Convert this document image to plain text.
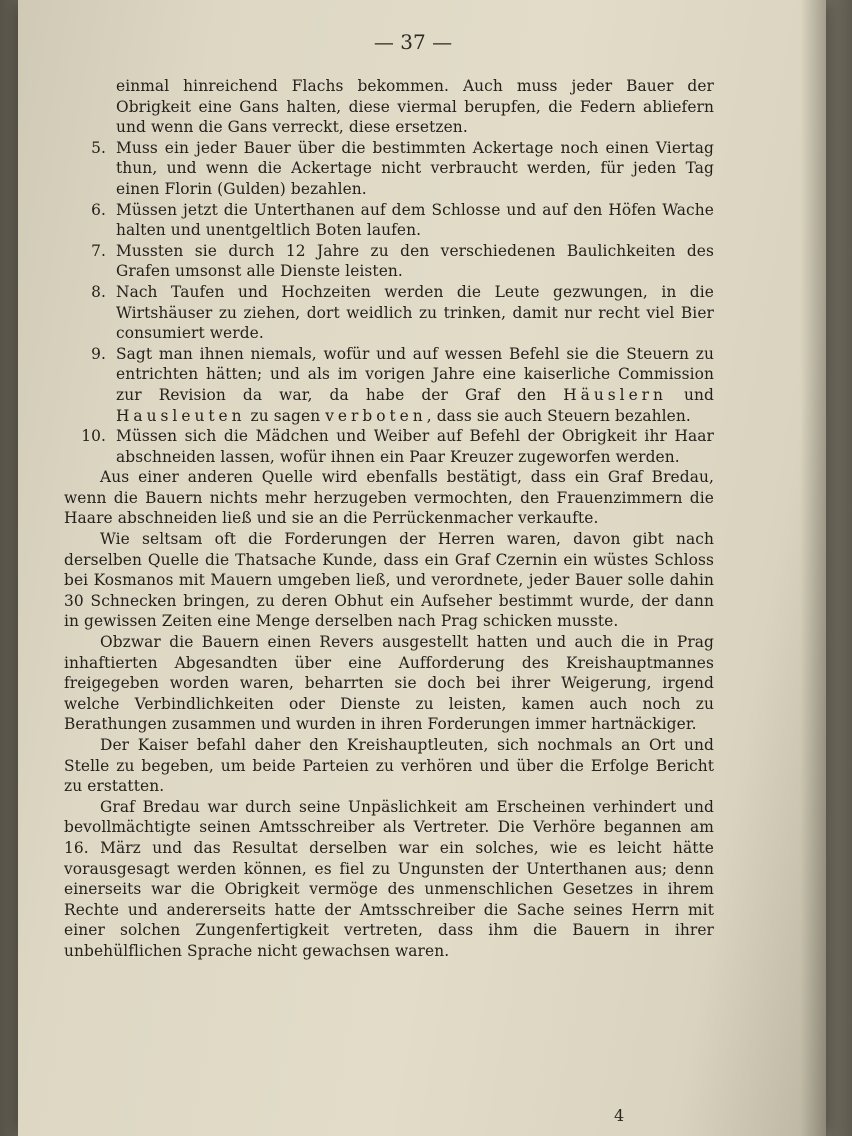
— 37 —

einmal hinreichend Flachs bekommen. Auch muss jeder Bauer der Obrigkeit eine Gans halten, diese viermal berupfen, die Federn abliefern und wenn die Gans verreckt, diese ersetzen.

5. Muss ein jeder Bauer über die bestimmten Ackertage noch einen Viertag thun, und wenn die Ackertage nicht verbraucht werden, für jeden Tag einen Florin (Gulden) bezahlen.
6. Müssen jetzt die Unterthanen auf dem Schlosse und auf den Höfen Wache halten und unentgeltlich Boten laufen.
7. Mussten sie durch 12 Jahre zu den verschiedenen Baulichkeiten des Grafen umsonst alle Dienste leisten.
8. Nach Taufen und Hochzeiten werden die Leute gezwungen, in die Wirtshäuser zu ziehen, dort weidlich zu trinken, damit nur recht viel Bier consumiert werde.
9. Sagt man ihnen niemals, wofür und auf wessen Befehl sie die Steuern zu entrichten hätten; und als im vorigen Jahre eine kaiserliche Commission zur Revision da war, da habe der Graf den Häuslern und Hausleuten zu sagen verboten, dass sie auch Steuern bezahlen.
10. Müssen sich die Mädchen und Weiber auf Befehl der Obrigkeit ihr Haar abschneiden lassen, wofür ihnen ein Paar Kreuzer zugeworfen werden.

Aus einer anderen Quelle wird ebenfalls bestätigt, dass ein Graf Bredau, wenn die Bauern nichts mehr herzugeben vermochten, den Frauenzimmern die Haare abschneiden ließ und sie an die Perrückenmacher verkaufte.

Wie seltsam oft die Forderungen der Herren waren, davon gibt nach derselben Quelle die Thatsache Kunde, dass ein Graf Czernin ein wüstes Schloss bei Kosmanos mit Mauern umgeben ließ, und verordnete, jeder Bauer solle dahin 30 Schnecken bringen, zu deren Obhut ein Aufseher bestimmt wurde, der dann in gewissen Zeiten eine Menge derselben nach Prag schicken musste.

Obzwar die Bauern einen Revers ausgestellt hatten und auch die in Prag inhaftierten Abgesandten über eine Aufforderung des Kreishauptmannes freigegeben worden waren, beharrten sie doch bei ihrer Weigerung, irgend welche Verbindlichkeiten oder Dienste zu leisten, kamen auch noch zu Berathungen zusammen und wurden in ihren Forderungen immer hartnäckiger.

Der Kaiser befahl daher den Kreishauptleuten, sich nochmals an Ort und Stelle zu begeben, um beide Parteien zu verhören und über die Erfolge Bericht zu erstatten.

Graf Bredau war durch seine Unpäslichkeit am Erscheinen verhindert und bevollmächtigte seinen Amtsschreiber als Vertreter. Die Verhöre begannen am 16. März und das Resultat derselben war ein solches, wie es leicht hätte vorausgesagt werden können, es fiel zu Ungunsten der Unterthanen aus; denn einerseits war die Obrigkeit vermöge des unmenschlichen Gesetzes in ihrem Rechte und andererseits hatte der Amtsschreiber die Sache seines Herrn mit einer solchen Zungenfertigkeit vertreten, dass ihm die Bauern in ihrer unbehülflichen Sprache nicht gewachsen waren.

4
